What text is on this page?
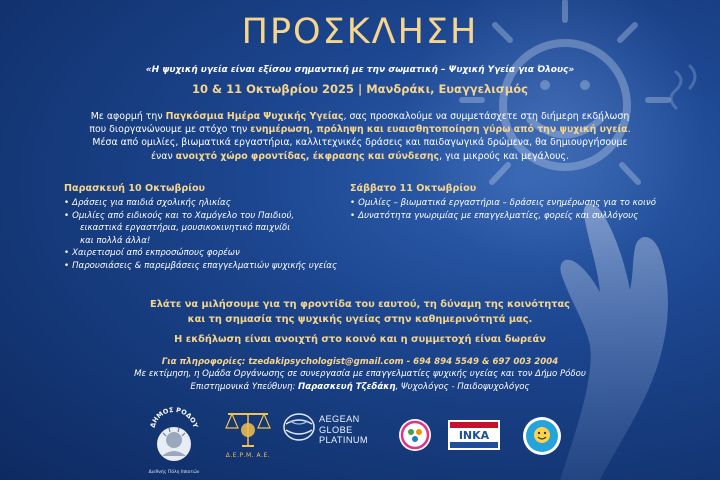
ΠΡΟΣΚΛΗΣΗ
«Η ψυχική υγεία είναι εξίσου σημαντική με την σωματική – Ψυχική Υγεία για Όλους»
10 & 11 Οκτωβρίου 2025 | Μανδράκι, Ευαγγελισμός
Με αφορμή την Παγκόσμια Ημέρα Ψυχικής Υγείας, σας προσκαλούμε να συμμετάσχετε στη διήμερη εκδήλωση
που διοργανώνουμε με στόχο την ενημέρωση, πρόληψη και ευαισθητοποίηση γύρω από την ψυχική υγεία.
Μέσα από ομιλίες, βιωματικά εργαστήρια, καλλιτεχνικές δράσεις και παιδαγωγικά δρώμενα, θα δημιουργήσουμε
έναν ανοιχτό χώρο φροντίδας, έκφρασης και σύνδεσης, για μικρούς και μεγάλους.
Παρασκευή 10 Οκτωβρίου
• Δράσεις για παιδιά σχολικής ηλικίας
• Ομιλίες από ειδικούς και το Χαμόγελο του Παιδιού,
εικαστικά εργαστήρια, μουσικοκινητικό παιχνίδι
και πολλά άλλα!
• Χαιρετισμοί από εκπροσώπους φορέων
• Παρουσιάσεις & παρεμβάσεις επαγγελματιών ψυχικής υγείας
Σάββατο 11 Οκτωβρίου
• Ομιλίες – βιωματικά εργαστήρια – δράσεις ενημέρωσης για το κοινό
• Δυνατότητα γνωριμίας με επαγγελματίες, φορείς και συλλόγους
Ελάτε να μιλήσουμε για τη φροντίδα του εαυτού, τη δύναμη της κοινότητας
και τη σημασία της ψυχικής υγείας στην καθημερινότητά μας.
Η εκδήλωση είναι ανοιχτή στο κοινό και η συμμετοχή είναι δωρεάν
Για πληροφορίες: tzedakipsychologist@gmail.com - 694 894 5549 & 697 003 2004
Με εκτίμηση, η Ομάδα Οργάνωσης σε συνεργασία με επαγγελματίες ψυχικής υγείας και τον Δήμο Ρόδου
Επιστημονικά Υπεύθυνη: Παρασκευή Τζεδάκη, Ψυχολόγος - Παιδοψυχολόγος
ΔΗΜΟΣ ΡΟΔΟΥ
Διεθνής Πόλη Ιπποτών
Δ.Ε.Ρ.Μ. Α.Ε.
AEGEAN
GLOBE
PLATINUM	INKA
